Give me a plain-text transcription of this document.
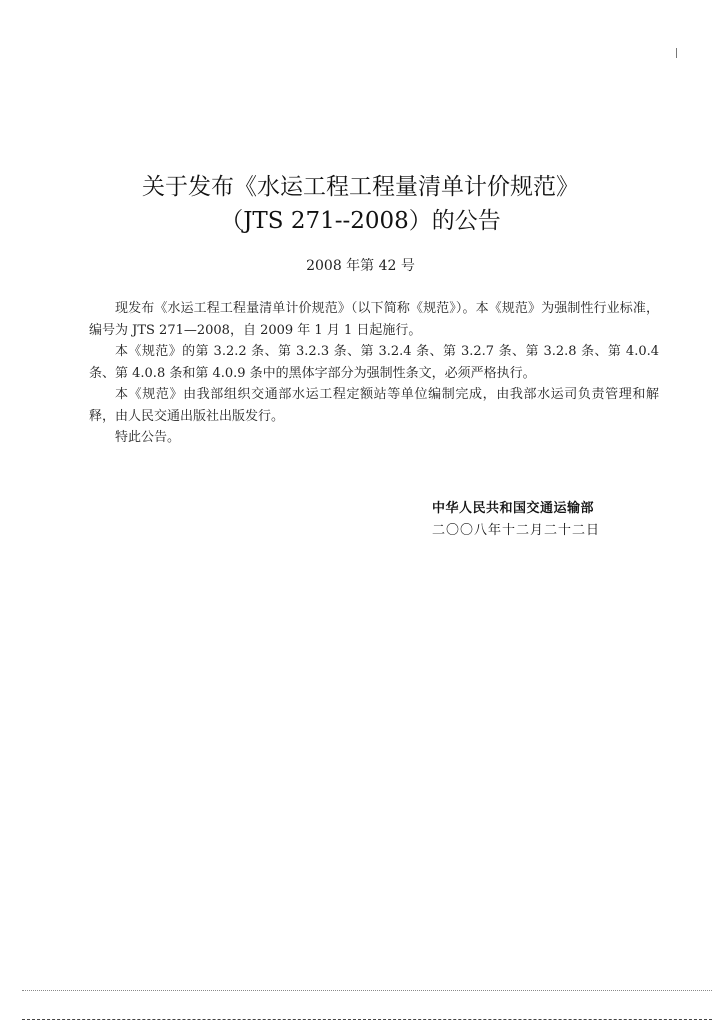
关于发布《水运工程工程量清单计价规范》
（JTS 271--2008）的公告
2008 年第 42 号

现发布《水运工程工程量清单计价规范》（以下简称《规范》）。本《规范》为强制性行业标准，编号为 JTS 271—2008，自 2009 年 1 月 1 日起施行。

本《规范》的第 3.2.2 条、第 3.2.3 条、第 3.2.4 条、第 3.2.7 条、第 3.2.8 条、第 4.0.4 条、第 4.0.8 条和第 4.0.9 条中的黑体字部分为强制性条文，必须严格执行。

本《规范》由我部组织交通部水运工程定额站等单位编制完成，由我部水运司负责管理和解释，由人民交通出版社出版发行。

特此公告。

中华人民共和国交通运输部
二〇〇八年十二月二十二日
